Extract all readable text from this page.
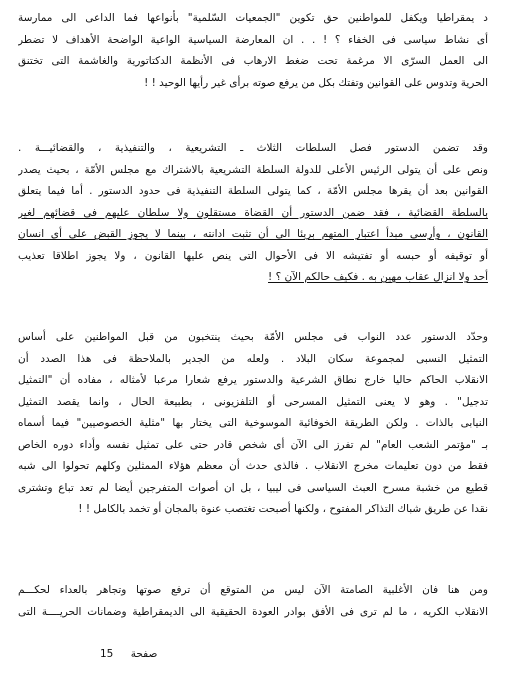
د يمقراطيا ويكفل للمواطنين حق تكوين "الجمعيات السّلمية" بأنواعها فما الداعى الى ممارسة
أى نشاط سياسى فى الخفاء ؟ ! . . ان المعارضة السياسية الواعية الواضحة الأهداف لا تضطر
الى العمل السرّى الا مرغمة تحت ضغط الارهاب فى الأنظمة الدكتاتورية والغاشمة التى تختنق
الحرية وتدوس على القوانين وتفتك بكل من يرفع صوته برأى غير رأيها الوحيد ! !
وقد تضمن الدستور فصل السلطات الثلاث ـ التشريعية ، والتنفيذية ، والقضائيـــة .
ونص على أن يتولى الرئيس الأعلى للدولة السلطة التشريعية بالاشتراك مع مجلس الأمّة ، بحيث يصدر
القوانين بعد أن يقرها مجلس الأمّة ، كما يتولى السلطة التنفيذية فى حدود الدستور . أما فيما يتعلق
بالسلطة القضائية ، فقد ضمن الدستور أن القضاة مستقلون ولا سلطان عليهم فى قضائهم لغير
القانون ، وأرسى مبدأ اعتبار المتهم بريئا الى أن تثبت ادانته ، بينما لا يجوز القبض على أى انسان
أو توقيفه أو حبسه أو تفتيشه الا فى الأحوال التى ينص عليها القانون ، ولا يجوز اطلاقا تعذيب
أحد ولا انزال عقاب مهين به . فكيف حالكم الآن ؟ !
وحدّد الدستور عدد النواب فى مجلس الأمّة بحيث ينتخبون من قبل المواطنين على أساس
التمثيل النسبى لمجموعة سكان البلاد . ولعله من الجدير بالملاحظة فى هذا الصدد أن
الانقلاب الحاكم حاليا خارج نطاق الشرعية والدستور يرفع شعارا مرعبا لأمثاله ، مفاده أن "التمثيل
تدجيل" . وهو لا يعنى التمثيل المسرحى أو التلفزيونى ، بطبيعة الحال ، وانما يقصد التمثيل
النيابى بالذات . ولكن الطريقة الخوفائية الموسوخية التى يختار بها "مثلية الخصوصيين" فيما أسماه
بـ "مؤتمر الشعب العام" لم تفرز الى الآن أى شخص قادر حتى على تمثيل نفسه وأداء دوره الخاص
فقط من دون تعليمات مخرج الانقلاب . فالذى حدث أن معظم هؤلاء الممثلين وكلهم تحولوا الى شبه
قطيع من خشبة مسرح العبث السياسى فى ليبيا ، بل ان أصوات المتفرجين أيضا لم تعد تباع وتشترى
نقدا عن طريق شباك التذاكر المفتوح ، ولكنها أصبحت تغتصب عنوة بالمجان أو تخمد بالكامل ! !
ومن هنا فان الأغلبية الصامتة الآن ليس من المتوقع أن ترفع صوتها وتجاهر بالعداء لحكـــم
الانقلاب الكريه ، ما لم ترى فى الأفق بوادر العودة الحقيقية الى الديمقراطية وضمانات الحريــــة التى
صفحة 15
